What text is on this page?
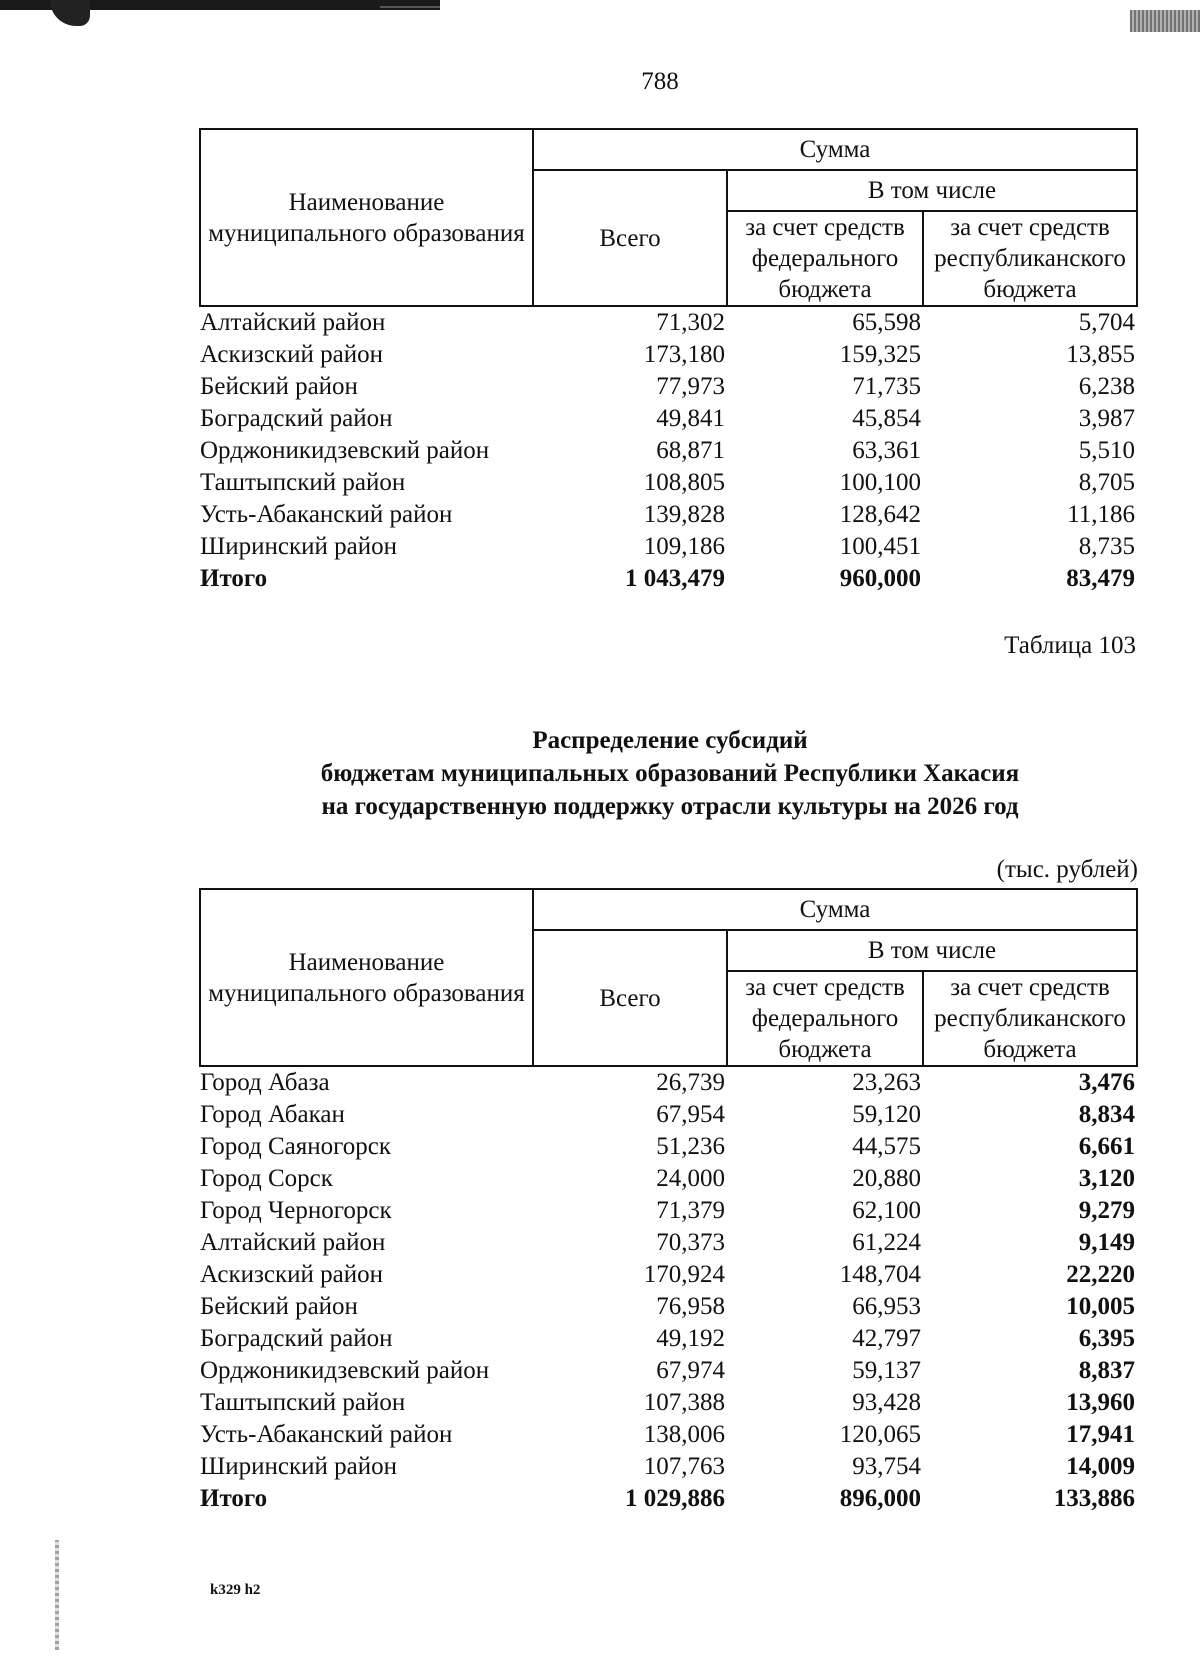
788
Наименование муниципального образования	Сумма		
	Всего	В том числе	
		за счет средств федерального бюджета	за счет средств республиканского бюджета
Алтайский район	71,302	65,598	5,704
Аскизский район	173,180	159,325	13,855
Бейский район	77,973	71,735	6,238
Боградский район	49,841	45,854	3,987
Орджоникидзевский район	68,871	63,361	5,510
Таштыпский район	108,805	100,100	8,705
Усть-Абаканский район	139,828	128,642	11,186
Ширинский район	109,186	100,451	8,735
Итого	1 043,479	960,000	83,479
Таблица 103
Распределение субсидий
бюджетам муниципальных образований Республики Хакасия
на государственную поддержку отрасли культуры на 2026 год
(тыс. рублей)
Наименование муниципального образования	Сумма		
	Всего	В том числе	
		за счет средств федерального бюджета	за счет средств республиканского бюджета
Город Абаза	26,739	23,263	3,476
Город Абакан	67,954	59,120	8,834
Город Саяногорск	51,236	44,575	6,661
Город Сорск	24,000	20,880	3,120
Город Черногорск	71,379	62,100	9,279
Алтайский район	70,373	61,224	9,149
Аскизский район	170,924	148,704	22,220
Бейский район	76,958	66,953	10,005
Боградский район	49,192	42,797	6,395
Орджоникидзевский район	67,974	59,137	8,837
Таштыпский район	107,388	93,428	13,960
Усть-Абаканский район	138,006	120,065	17,941
Ширинский район	107,763	93,754	14,009
Итого	1 029,886	896,000	133,886
k329 h2
